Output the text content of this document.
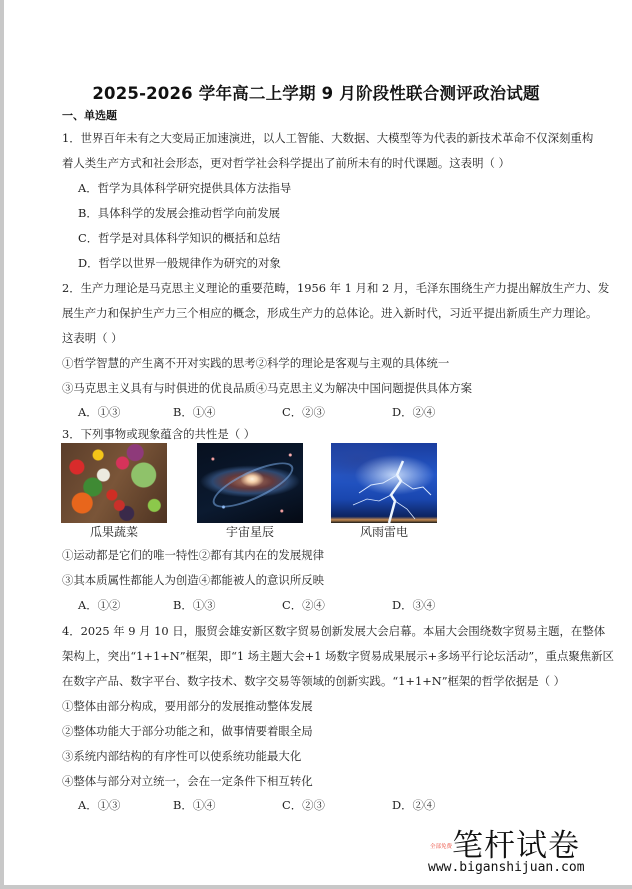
2025-2026 学年高二上学期 9 月阶段性联合测评政治试题
一、单选题
1．世界百年未有之大变局正加速演进，以人工智能、大数据、大模型等为代表的新技术革命不仅深刻重构
着人类生产方式和社会形态，更对哲学社会科学提出了前所未有的时代课题。这表明（ ）
A．哲学为具体科学研究提供具体方法指导
B．具体科学的发展会推动哲学向前发展
C．哲学是对具体科学知识的概括和总结
D．哲学以世界一般规律作为研究的对象
2．生产力理论是马克思主义理论的重要范畴，1956 年 1 月和 2 月，毛泽东围绕生产力提出解放生产力、发
展生产力和保护生产力三个相应的概念，形成生产力的总体论。进入新时代，习近平提出新质生产力理论。
这表明（ ）
①哲学智慧的产生离不开对实践的思考②科学的理论是客观与主观的具体统一
③马克思主义具有与时俱进的优良品质④马克思主义为解决中国问题提供具体方案
A．①③	B．①④	C．②③	D．②④
3．下列事物或现象蕴含的共性是（ ）
瓜果蔬菜	宇宙星辰	风雨雷电
①运动都是它们的唯一特性②都有其内在的发展规律
③其本质属性都能人为创造④都能被人的意识所反映
A．①②	B．①③	C．②④	D．③④
4．2025 年 9 月 10 日，服贸会雄安新区数字贸易创新发展大会启幕。本届大会围绕数字贸易主题，在整体
架构上，突出“1+1+N”框架，即“1 场主题大会+1 场数字贸易成果展示+多场平行论坛活动”，重点聚焦新区
在数字产品、数字平台、数字技术、数字交易等领域的创新实践。“1+1+N”框架的哲学依据是（ ）
①整体由部分构成，要用部分的发展推动整体发展
②整体功能大于部分功能之和，做事情要着眼全局
③系统内部结构的有序性可以使系统功能最大化
④整体与部分对立统一，会在一定条件下相互转化
A．①③	B．①④	C．②③	D．②④
全部免费 笔杆试卷
www.biganshijuan.com
